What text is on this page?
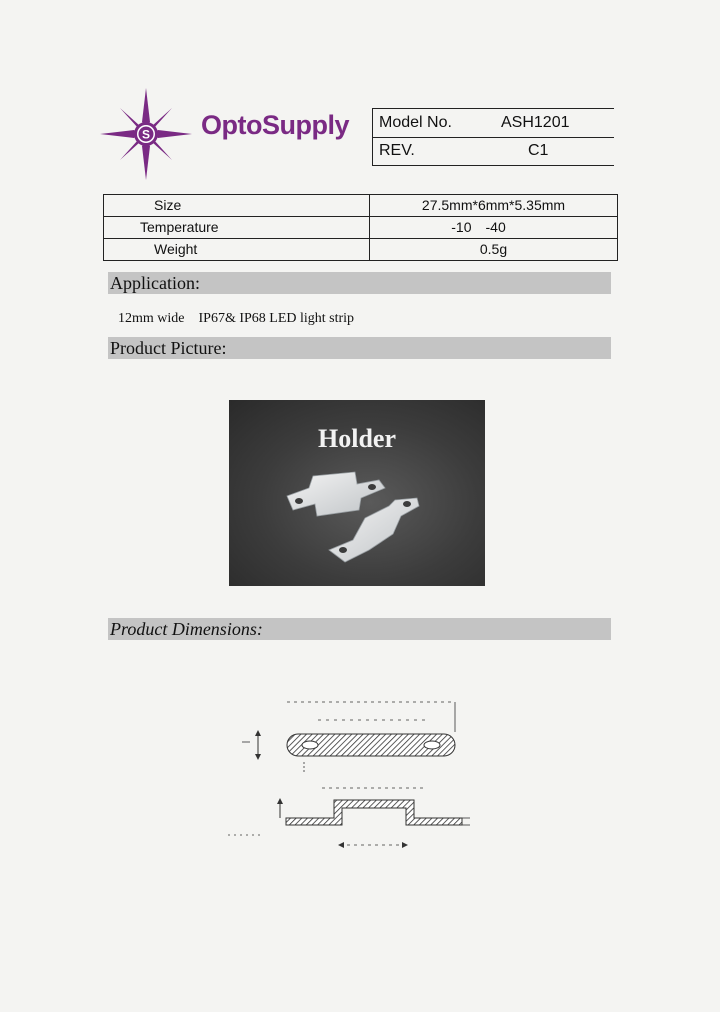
S OptoSupply Model No.	ASH1201
REV.	C1
Size	27.5mm*6mm*5.35mm
Temperature	-10　-40
Weight	0.5g
Application:
12mm wide　IP67& IP68 LED light strip
Product Picture:
Holder
Product Dimensions:
